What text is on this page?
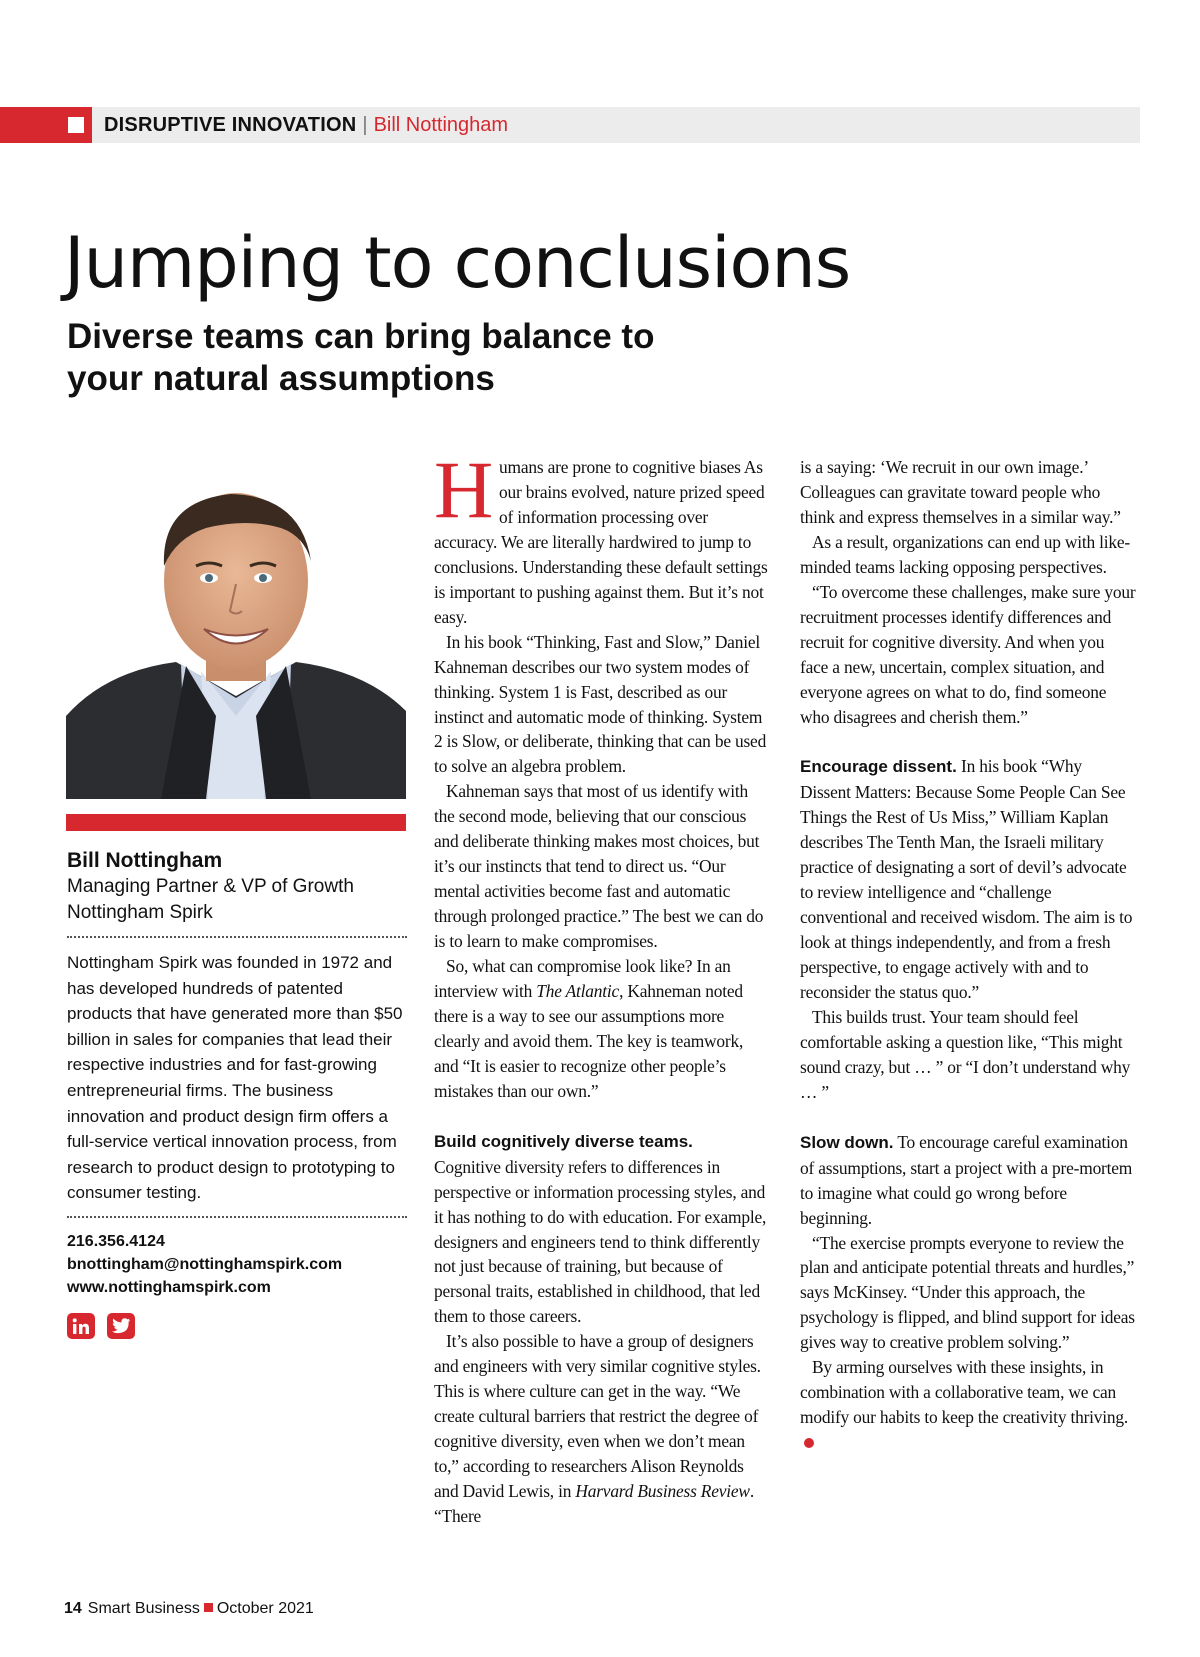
DISRUPTIVE INNOVATION | Bill Nottingham
Jumping to conclusions
Diverse teams can bring balance to your natural assumptions
Bill Nottingham
Managing Partner & VP of Growth
Nottingham Spirk
Nottingham Spirk was founded in 1972 and has developed hundreds of patented products that have generated more than $50 billion in sales for companies that lead their respective industries and for fast-growing entrepreneurial firms. The business innovation and product design firm offers a full-service vertical innovation process, from research to product design to prototyping to consumer testing.
216.356.4124
bnottingham@nottinghamspirk.com
www.nottinghamspirk.com

Humans are prone to cognitive biases As our brains evolved, nature prized speed of information processing over accuracy. We are literally hardwired to jump to conclusions. Understanding these default settings is important to pushing against them. But it’s not easy.

In his book “Thinking, Fast and Slow,” Daniel Kahneman describes our two system modes of thinking. System 1 is Fast, described as our instinct and automatic mode of thinking. System 2 is Slow, or deliberate, thinking that can be used to solve an algebra problem.

Kahneman says that most of us identify with the second mode, believing that our conscious and deliberate thinking makes most choices, but it’s our instincts that tend to direct us. “Our mental activities become fast and automatic through prolonged practice.” The best we can do is to learn to make compromises.

So, what can compromise look like? In an interview with The Atlantic, Kahneman noted there is a way to see our assumptions more clearly and avoid them. The key is teamwork, and “It is easier to recognize other people’s mistakes than our own.”

Build cognitively diverse teams.

Cognitive diversity refers to differences in perspective or information processing styles, and it has nothing to do with education. For example, designers and engineers tend to think differently not just because of training, but because of personal traits, established in childhood, that led them to those careers.

It’s also possible to have a group of designers and engineers with very similar cognitive styles. This is where culture can get in the way. “We create cultural barriers that restrict the degree of cognitive diversity, even when we don’t mean to,” according to researchers Alison Reynolds and David Lewis, in Harvard Business Review. “There

is a saying: ‘We recruit in our own image.’ Colleagues can gravitate toward people who think and express themselves in a similar way.”

As a result, organizations can end up with like-minded teams lacking opposing perspectives.

“To overcome these challenges, make sure your recruitment processes identify differences and recruit for cognitive diversity. And when you face a new, uncertain, complex situation, and everyone agrees on what to do, find someone who disagrees and cherish them.”

Encourage dissent. In his book “Why Dissent Matters: Because Some People Can See Things the Rest of Us Miss,” William Kaplan describes The Tenth Man, the Israeli military practice of designating a sort of devil’s advocate to review intelligence and “challenge conventional and received wisdom. The aim is to look at things independently, and from a fresh perspective, to engage actively with and to reconsider the status quo.”

This builds trust. Your team should feel comfortable asking a question like, “This might sound crazy, but … ” or “I don’t understand why … ”

Slow down. To encourage careful examination of assumptions, start a project with a pre-mortem to imagine what could go wrong before beginning.

“The exercise prompts everyone to review the plan and anticipate potential threats and hurdles,” says McKinsey. “Under this approach, the psychology is flipped, and blind support for ideas gives way to creative problem solving.”

By arming ourselves with these insights, in combination with a collaborative team, we can modify our habits to keep the creativity thriving.

14 Smart Business October 2021
